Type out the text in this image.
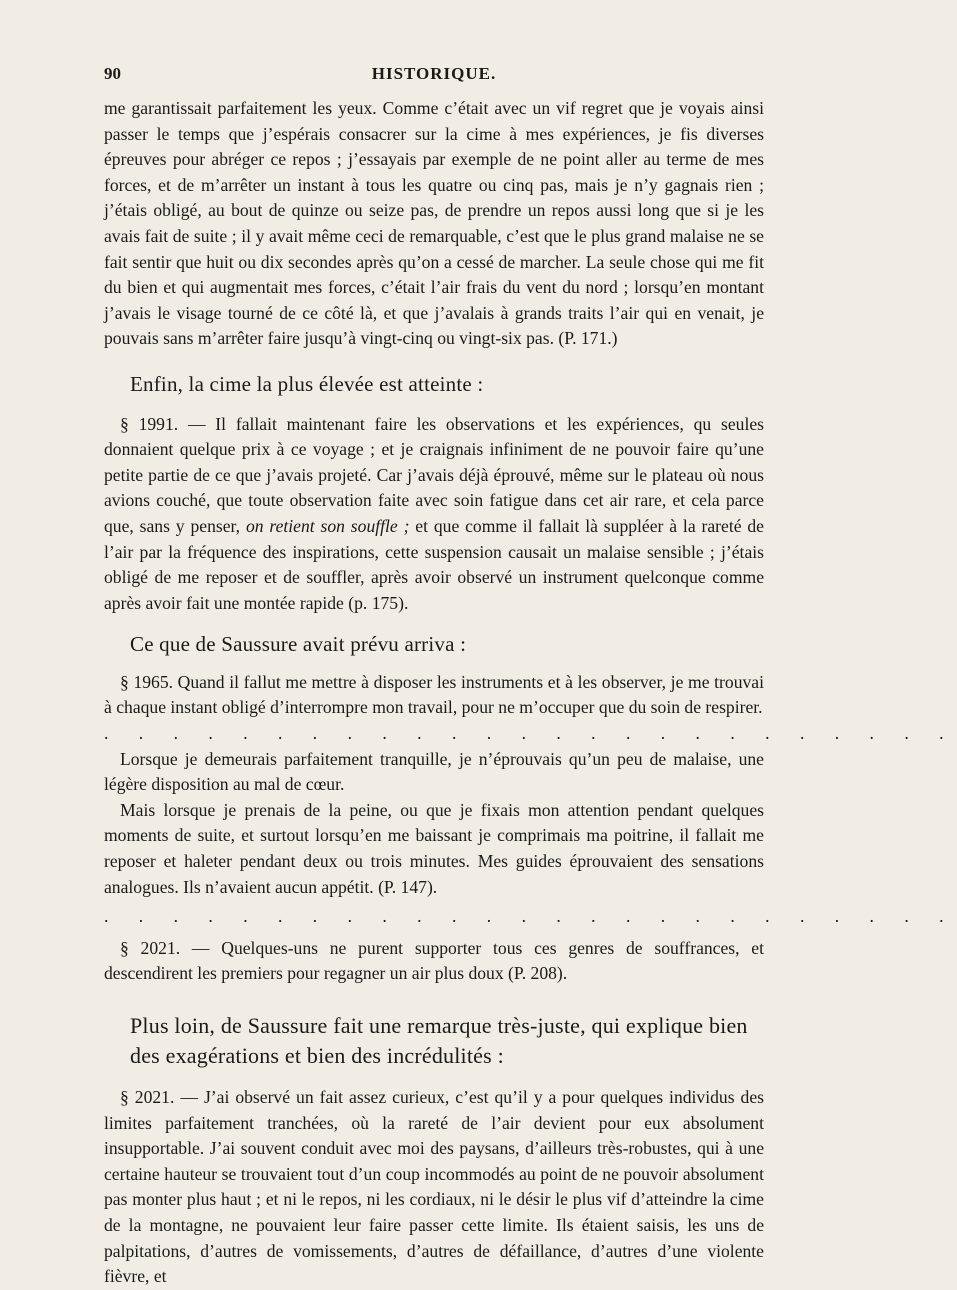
90	HISTORIQUE.

me garantissait parfaitement les yeux. Comme c’était avec un vif regret que je voyais ainsi passer le temps que j’espérais consacrer sur la cime à mes expériences, je fis diverses épreuves pour abréger ce repos ; j’essayais par exemple de ne point aller au terme de mes forces, et de m’arrêter un instant à tous les quatre ou cinq pas, mais je n’y gagnais rien ; j’étais obligé, au bout de quinze ou seize pas, de prendre un repos aussi long que si je les avais fait de suite ; il y avait même ceci de remarquable, c’est que le plus grand malaise ne se fait sentir que huit ou dix secondes après qu’on a cessé de marcher. La seule chose qui me fit du bien et qui augmentait mes forces, c’était l’air frais du vent du nord ; lorsqu’en montant j’avais le visage tourné de ce côté là, et que j’avalais à grands traits l’air qui en venait, je pouvais sans m’arrêter faire jusqu’à vingt-cinq ou vingt-six pas. (P. 171.)

Enfin, la cime la plus élevée est atteinte :

§ 1991. — Il fallait maintenant faire les observations et les expériences, qu seules donnaient quelque prix à ce voyage ; et je craignais infiniment de ne pouvoir faire qu’une petite partie de ce que j’avais projeté. Car j’avais déjà éprouvé, même sur le plateau où nous avions couché, que toute observation faite avec soin fatigue dans cet air rare, et cela parce que, sans y penser, on retient son souffle ; et que comme il fallait là suppléer à la rareté de l’air par la fréquence des inspirations, cette suspension causait un malaise sensible ; j’étais obligé de me reposer et de souffler, après avoir observé un instrument quelconque comme après avoir fait une montée rapide (p. 175).

Ce que de Saussure avait prévu arriva :

§ 1965. Quand il fallut me mettre à disposer les instruments et à les observer, je me trouvai à chaque instant obligé d’interrompre mon travail, pour ne m’occuper que du soin de respirer.

. . . . . . . . . . . . . . . . . . . . . . . . .

Lorsque je demeurais parfaitement tranquille, je n’éprouvais qu’un peu de malaise, une légère disposition au mal de cœur.

Mais lorsque je prenais de la peine, ou que je fixais mon attention pendant quelques moments de suite, et surtout lorsqu’en me baissant je comprimais ma poitrine, il fallait me reposer et haleter pendant deux ou trois minutes. Mes guides éprouvaient des sensations analogues. Ils n’avaient aucun appétit. (P. 147).

. . . . . . . . . . . . . . . . . . . . . . . . .

§ 2021. — Quelques-uns ne purent supporter tous ces genres de souffrances, et descendirent les premiers pour regagner un air plus doux (P. 208).

Plus loin, de Saussure fait une remarque très-juste, qui explique bien des exagérations et bien des incrédulités :

§ 2021. — J’ai observé un fait assez curieux, c’est qu’il y a pour quelques individus des limites parfaitement tranchées, où la rareté de l’air devient pour eux absolument insupportable. J’ai souvent conduit avec moi des paysans, d’ailleurs très-robustes, qui à une certaine hauteur se trouvaient tout d’un coup incommodés au point de ne pouvoir absolument pas monter plus haut ; et ni le repos, ni les cordiaux, ni le désir le plus vif d’atteindre la cime de la montagne, ne pouvaient leur faire passer cette limite. Ils étaient saisis, les uns de palpitations, d’autres de vomissements, d’autres de défaillance, d’autres d’une violente fièvre, et
